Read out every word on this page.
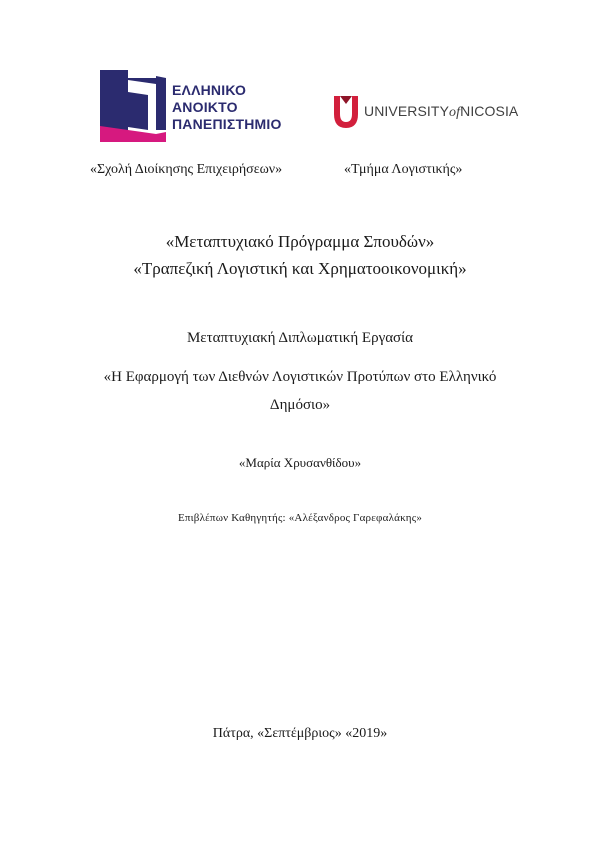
ΕΛΛΗΝΙΚΟ
ΑΝΟΙΚΤΟ
ΠΑΝΕΠΙΣΤΗΜΙΟ
UNIVERSITYofNICOSIA
«Σχολή Διοίκησης Επιχειρήσεων»	«Τμήμα Λογιστικής»
«Μεταπτυχιακό Πρόγραμμα Σπουδών»
«Τραπεζική Λογιστική και Χρηματοοικονομική»
Μεταπτυχιακή Διπλωματική Εργασία
«Η Εφαρμογή των Διεθνών Λογιστικών Προτύπων στο Ελληνικό
Δημόσιο»
«Μαρία Χρυσανθίδου»
Επιβλέπων Καθηγητής: «Αλέξανδρος Γαρεφαλάκης»
Πάτρα, «Σεπτέμβριος» «2019»
